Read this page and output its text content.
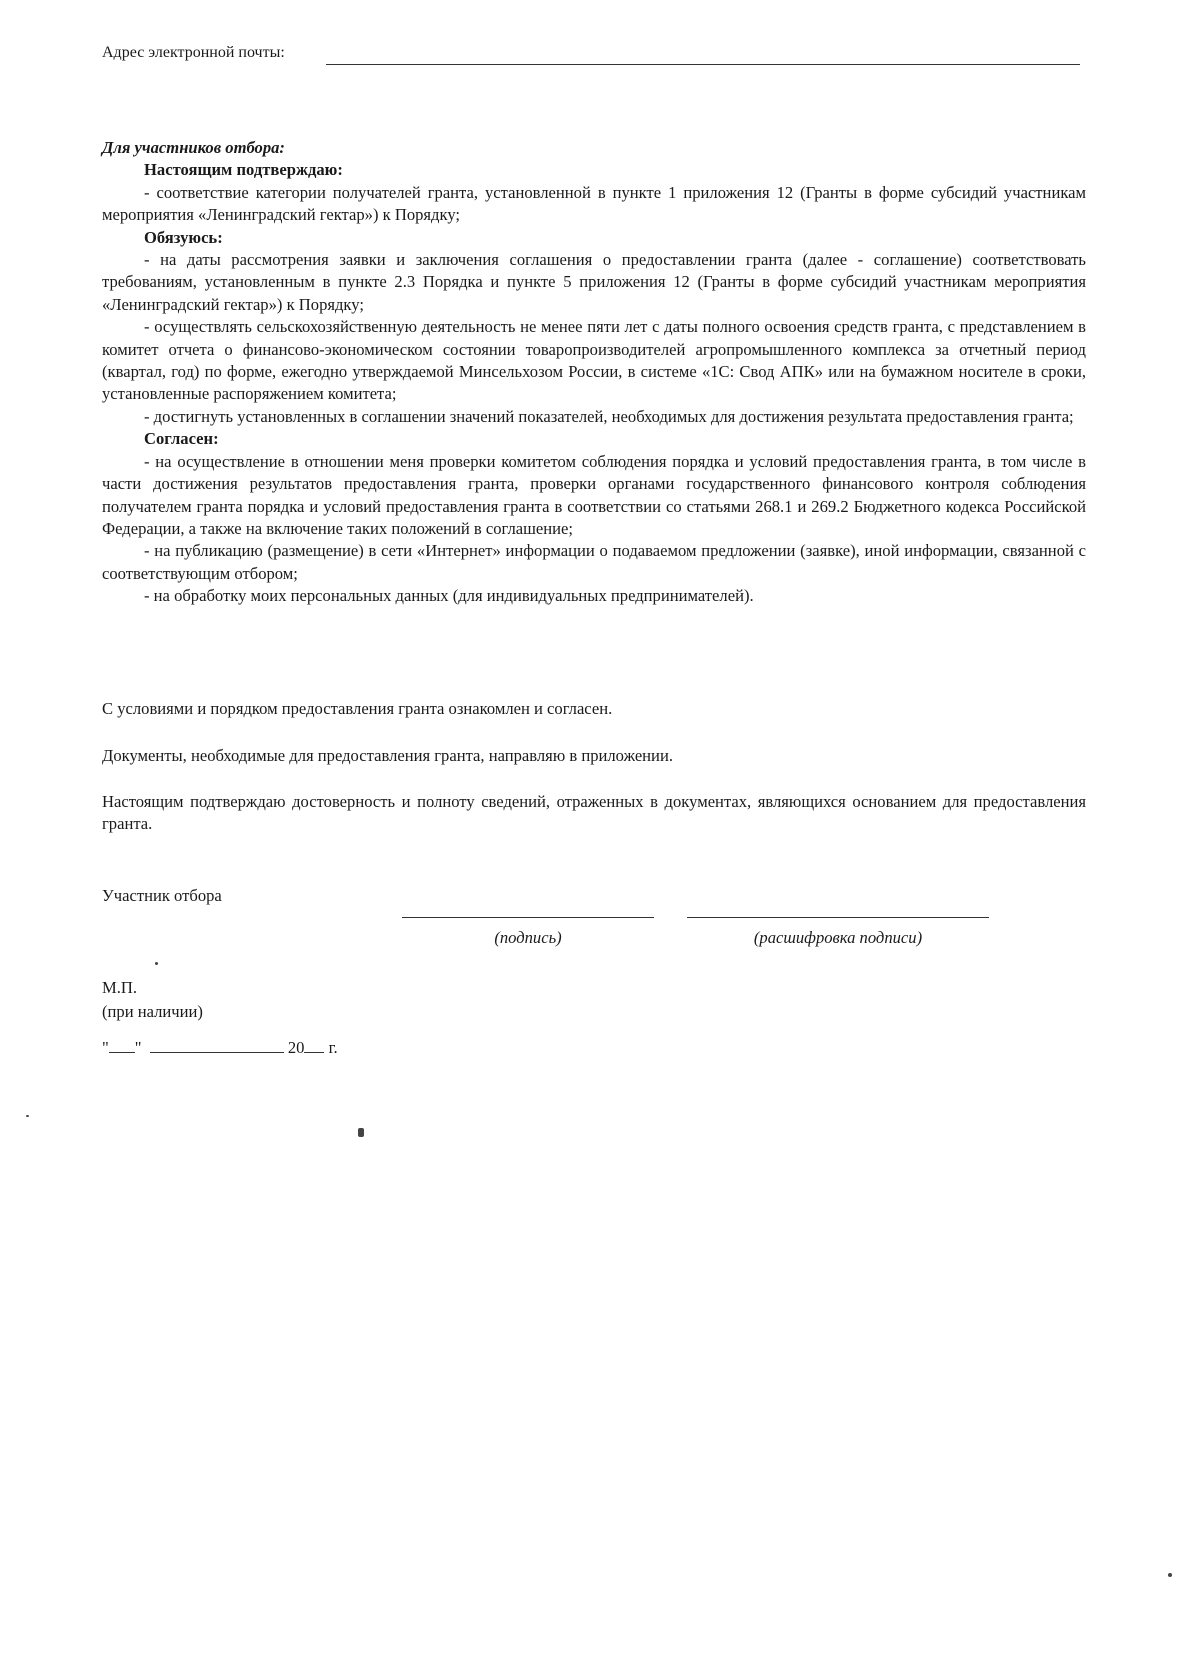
Адрес электронной почты:

Для участников отбора:

Настоящим подтверждаю:

- соответствие категории получателей гранта, установленной в пункте 1 приложения 12 (Гранты в форме субсидий участникам мероприятия «Ленинградский гектар») к Порядку;

Обязуюсь:

- на даты рассмотрения заявки и заключения соглашения о предоставлении гранта (далее - соглашение) соответствовать требованиям, установленным в пункте 2.3 Порядка и пункте 5 приложения 12 (Гранты в форме субсидий участникам мероприятия «Ленинградский гектар») к Порядку;

- осуществлять сельскохозяйственную деятельность не менее пяти лет с даты полного освоения средств гранта, с представлением в комитет отчета о финансово-экономическом состоянии товаропроизводителей агропромышленного комплекса за отчетный период (квартал, год) по форме, ежегодно утверждаемой Минсельхозом России, в системе «1С: Свод АПК» или на бумажном носителе в сроки, установленные распоряжением комитета;

- достигнуть установленных в соглашении значений показателей, необходимых для достижения результата предоставления гранта;

Согласен:

- на осуществление в отношении меня проверки комитетом соблюдения порядка и условий предоставления гранта, в том числе в части достижения результатов предоставления гранта, проверки органами государственного финансового контроля соблюдения получателем гранта порядка и условий предоставления гранта в соответствии со статьями 268.1 и 269.2 Бюджетного кодекса Российской Федерации, а также на включение таких положений в соглашение;

- на публикацию (размещение) в сети «Интернет» информации о подаваемом предложении (заявке), иной информации, связанной с соответствующим отбором;

- на обработку моих персональных данных (для индивидуальных предпринимателей).

С условиями и порядком предоставления гранта ознакомлен и согласен.

Документы, необходимые для предоставления гранта, направляю в приложении.

Настоящим подтверждаю достоверность и полноту сведений, отраженных в документах, являющихся основанием для предоставления гранта.

Участник отбора
(подпись)	(расшифровка подписи)
М.П.
(при наличии)
" "	20 г.
